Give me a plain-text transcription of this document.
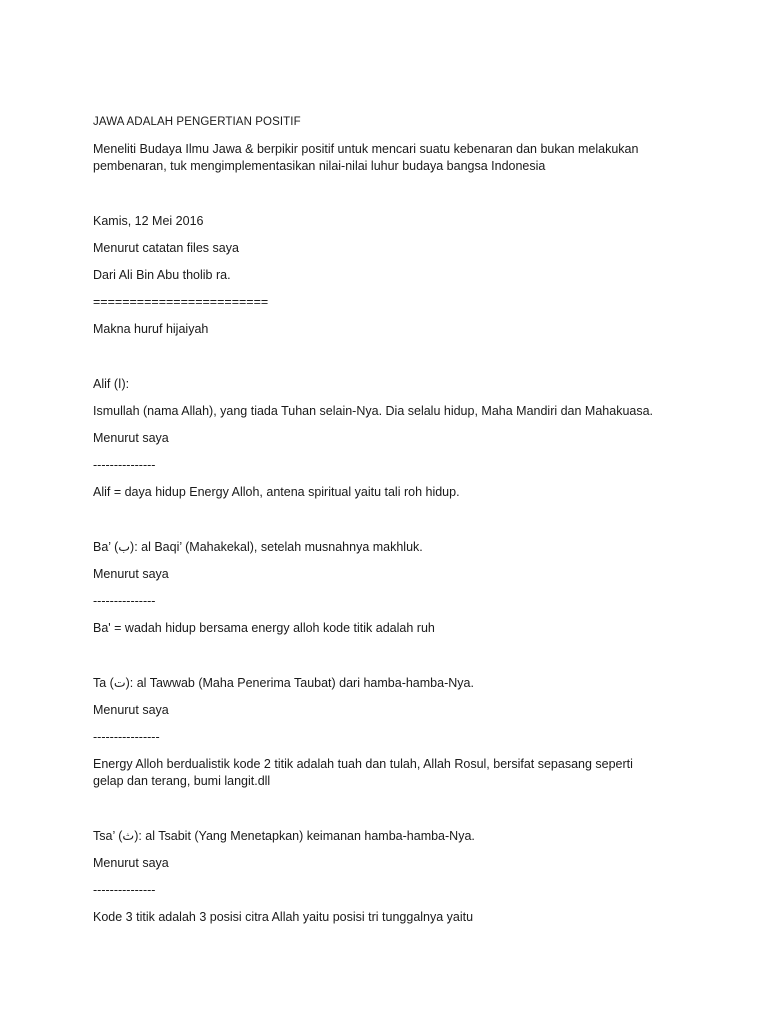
JAWA ADALAH PENGERTIAN POSITIF

Meneliti Budaya Ilmu Jawa & berpikir positif untuk mencari suatu kebenaran dan bukan melakukan

pembenaran, tuk mengimplementasikan nilai-nilai luhur budaya bangsa Indonesia

Kamis, 12 Mei 2016

Menurut catatan files saya

Dari Ali Bin Abu tholib ra.

========================

Makna huruf hijaiyah

Alif (ا):

Ismullah (nama Allah), yang tiada Tuhan selain-Nya. Dia selalu hidup, Maha Mandiri dan Mahakuasa.

Menurut saya

---------------

Alif = daya hidup Energy Alloh, antena spiritual yaitu tali roh hidup.

Ba’ (ب): al Baqi’ (Mahakekal), setelah musnahnya makhluk.

Menurut saya

---------------

Ba' = wadah hidup bersama energy alloh kode titik adalah ruh

Ta (ت): al Tawwab (Maha Penerima Taubat) dari hamba-hamba-Nya.

Menurut saya

----------------

Energy Alloh berdualistik kode 2 titik adalah tuah dan tulah, Allah Rosul, bersifat sepasang seperti

gelap dan terang, bumi langit.dll

Tsa’ (ث): al Tsabit (Yang Menetapkan) keimanan hamba-hamba-Nya.

Menurut saya

---------------

Kode 3 titik adalah 3 posisi citra Allah yaitu posisi tri tunggalnya yaitu
